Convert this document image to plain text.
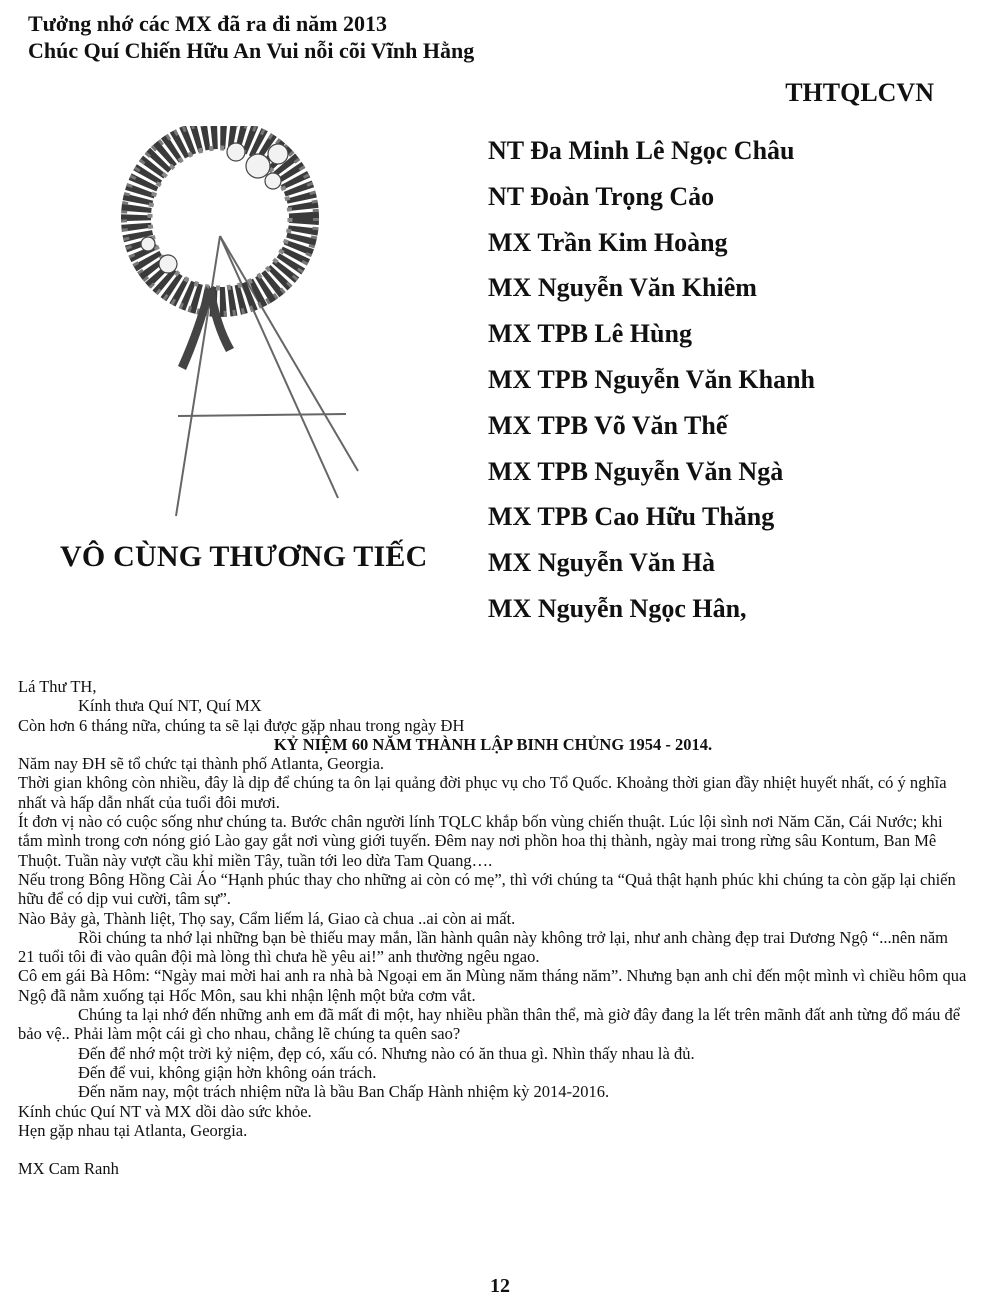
Tưởng nhớ các MX đã ra đi năm 2013
Chúc Quí Chiến Hữu An Vui nỗi cõi Vĩnh Hằng
THTQLCVN
VÔ CÙNG THƯƠNG TIẾC
NT Đa Minh Lê Ngọc Châu
NT Đoàn Trọng Cảo
MX Trần Kim Hoàng
MX Nguyễn Văn Khiêm
MX TPB Lê Hùng
MX TPB Nguyễn Văn Khanh
MX TPB Võ Văn Thế
MX TPB Nguyễn Văn Ngà
MX TPB Cao Hữu Thăng
MX Nguyễn Văn Hà
MX Nguyễn Ngọc Hân,

Lá Thư TH,

Kính thưa Quí NT, Quí MX

Còn hơn 6 tháng nữa, chúng ta sẽ lại được gặp nhau trong ngày ĐH

KỶ NIỆM 60 NĂM THÀNH LẬP BINH CHỦNG 1954 - 2014.

Năm nay ĐH sẽ tổ chức tại thành phố Atlanta, Georgia.

Thời gian không còn nhiều, đây là dịp để chúng ta ôn lại quảng đời phục vụ cho Tổ Quốc. Khoảng thời gian đầy nhiệt huyết nhất, có ý nghĩa nhất và hấp dẫn nhất của tuổi đôi mươi.

Ít đơn vị nào có cuộc sống như chúng ta. Bước chân người lính TQLC khắp bốn vùng chiến thuật. Lúc lội sình nơi Năm Căn, Cái Nước; khi tắm mình trong cơn nóng gió Lào gay gắt nơi vùng giới tuyến. Đêm nay nơi phồn hoa thị thành, ngày mai trong rừng sâu Kontum, Ban Mê Thuột. Tuần này vượt cầu khỉ miền Tây, tuần tới leo dừa Tam Quang….

Nếu trong Bông Hồng Cài Áo “Hạnh phúc thay cho những ai còn có mẹ”, thì với chúng ta “Quả thật hạnh phúc khi chúng ta còn gặp lại chiến hữu để có dịp vui cười, tâm sự”.

Nào Bảy gà, Thành liệt, Thọ say, Cẩm liếm lá, Giao cà chua ..ai còn ai mất.

Rồi chúng ta nhớ lại những bạn bè thiếu may mắn, lần hành quân này không trở lại, như anh chàng đẹp trai Dương Ngộ “...nên năm 21 tuổi tôi đi vào quân đội mà lòng thì chưa hề yêu ai!” anh thường ngêu ngao.

Cô em gái Bà Hôm: “Ngày mai mời hai anh ra nhà bà Ngoại em ăn Mùng năm tháng năm”. Nhưng bạn anh chỉ đến một mình vì chiều hôm qua Ngộ đã nằm xuống tại Hốc Môn, sau khi nhận lệnh một bửa cơm vắt.

Chúng ta lại nhớ đến những anh em đã mất đi một, hay nhiều phần thân thể, mà giờ đây đang la lết trên mãnh đất anh từng đổ máu để bảo vệ.. Phải làm một cái gì cho nhau, chẳng lẽ chúng ta quên sao?

Đến để nhớ một trời kỷ niệm, đẹp có, xấu có. Nhưng nào có ăn thua gì. Nhìn thấy nhau là đủ.

Đến để vui, không giận hờn không oán trách.

Đến năm nay, một trách nhiệm nữa là bầu Ban Chấp Hành nhiệm kỳ 2014-2016.

Kính chúc Quí NT và MX dồi dào sức khỏe.

Hẹn gặp nhau tại Atlanta, Georgia.

MX Cam Ranh

12
